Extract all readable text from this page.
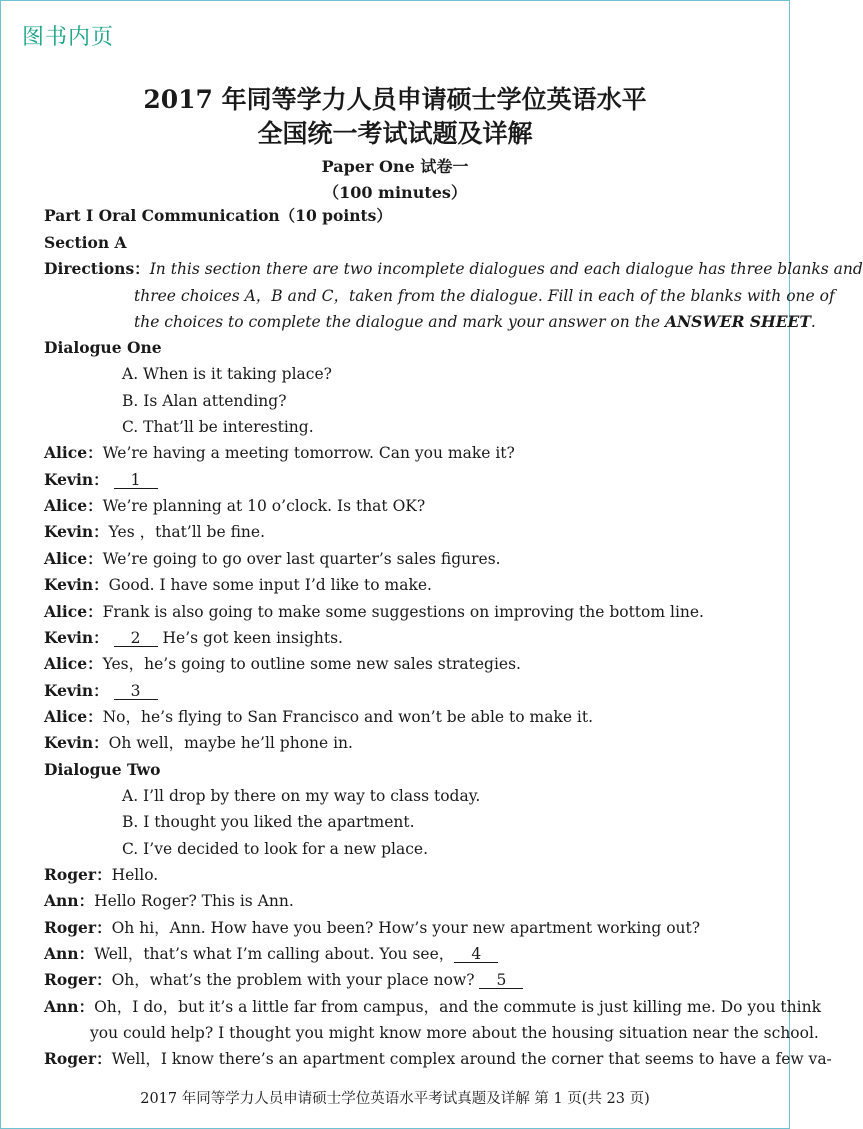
图书内页
2017 年同等学力人员申请硕士学位英语水平
全国统一考试试题及详解
Paper One 试卷一
（100 minutes）
Part I Oral Communication（10 points）
Section A
Directions：In this section there are two incomplete dialogues and each dialogue has three blanks and
three choices A，B and C，taken from the dialogue. Fill in each of the blanks with one of
the choices to complete the dialogue and mark your answer on the ANSWER SHEET.
Dialogue One
A. When is it taking place?
B. Is Alan attending?
C. That’ll be interesting.
Alice：We’re having a meeting tomorrow. Can you make it?
Kevin： 1
Alice：We’re planning at 10 o’clock. Is that OK?
Kevin：Yes ，that’ll be fine.
Alice：We’re going to go over last quarter’s sales figures.
Kevin：Good. I have some input I’d like to make.
Alice：Frank is also going to make some suggestions on improving the bottom line.
Kevin： 2 He’s got keen insights.
Alice：Yes，he’s going to outline some new sales strategies.
Kevin： 3
Alice：No，he’s flying to San Francisco and won’t be able to make it.
Kevin：Oh well，maybe he’ll phone in.
Dialogue Two
A. I’ll drop by there on my way to class today.
B. I thought you liked the apartment.
C. I’ve decided to look for a new place.
Roger：Hello.
Ann：Hello Roger? This is Ann.
Roger：Oh hi，Ann. How have you been? How’s your new apartment working out?
Ann：Well，that’s what I’m calling about. You see， 4
Roger：Oh，what’s the problem with your place now? 5
Ann：Oh，I do，but it’s a little far from campus，and the commute is just killing me. Do you think
you could help? I thought you might know more about the housing situation near the school.
Roger：Well，I know there’s an apartment complex around the corner that seems to have a few va-
2017 年同等学力人员申请硕士学位英语水平考试真题及详解 第 1 页(共 23 页)
